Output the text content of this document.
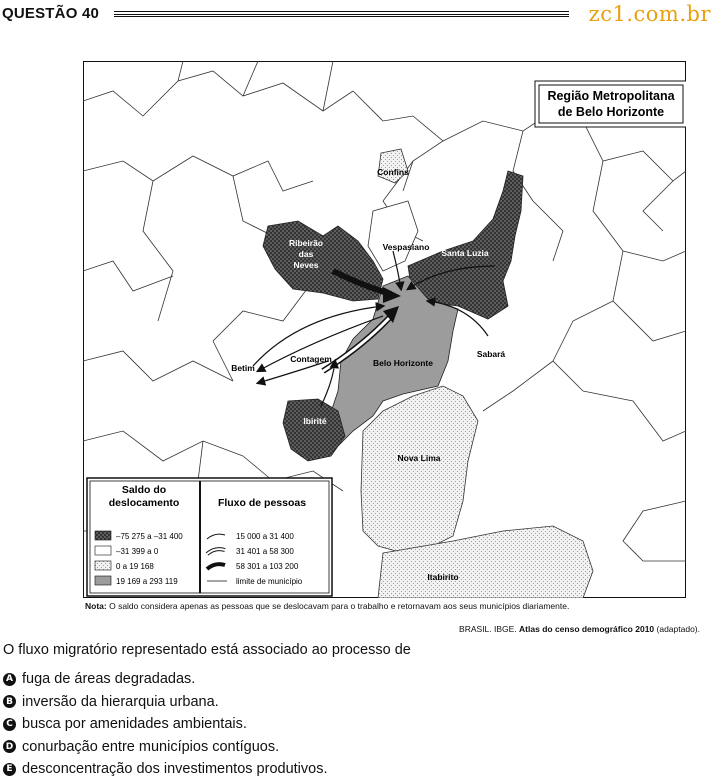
QUESTÃO 40	zc1.com.br
Região Metropolitana
de Belo Horizonte
Confins
Ribeirão
das
Neves
Vespasiano
Santa Luzia
Betim
Contagem	Belo Horizonte
Sabará
Ibirité
Nova Lima
Itabirito
Saldo do
deslocamento	Fluxo de pessoas
–75 275 a –31 400
–31 399 a 0
0 a 19 168
19 169 a 293 119
15 000 a 31 400
31 401 a 58 300
58 301 a 103 200
limite de município
Nota: O saldo considera apenas as pessoas que se deslocavam para o trabalho e retornavam aos seus municípios diariamente.
BRASIL. IBGE. Atlas do censo demográfico 2010 (adaptado).
O fluxo migratório representado está associado ao processo de
A fuga de áreas degradadas.
B inversão da hierarquia urbana.
C busca por amenidades ambientais.
D conurbação entre municípios contíguos.
E desconcentração dos investimentos produtivos.
